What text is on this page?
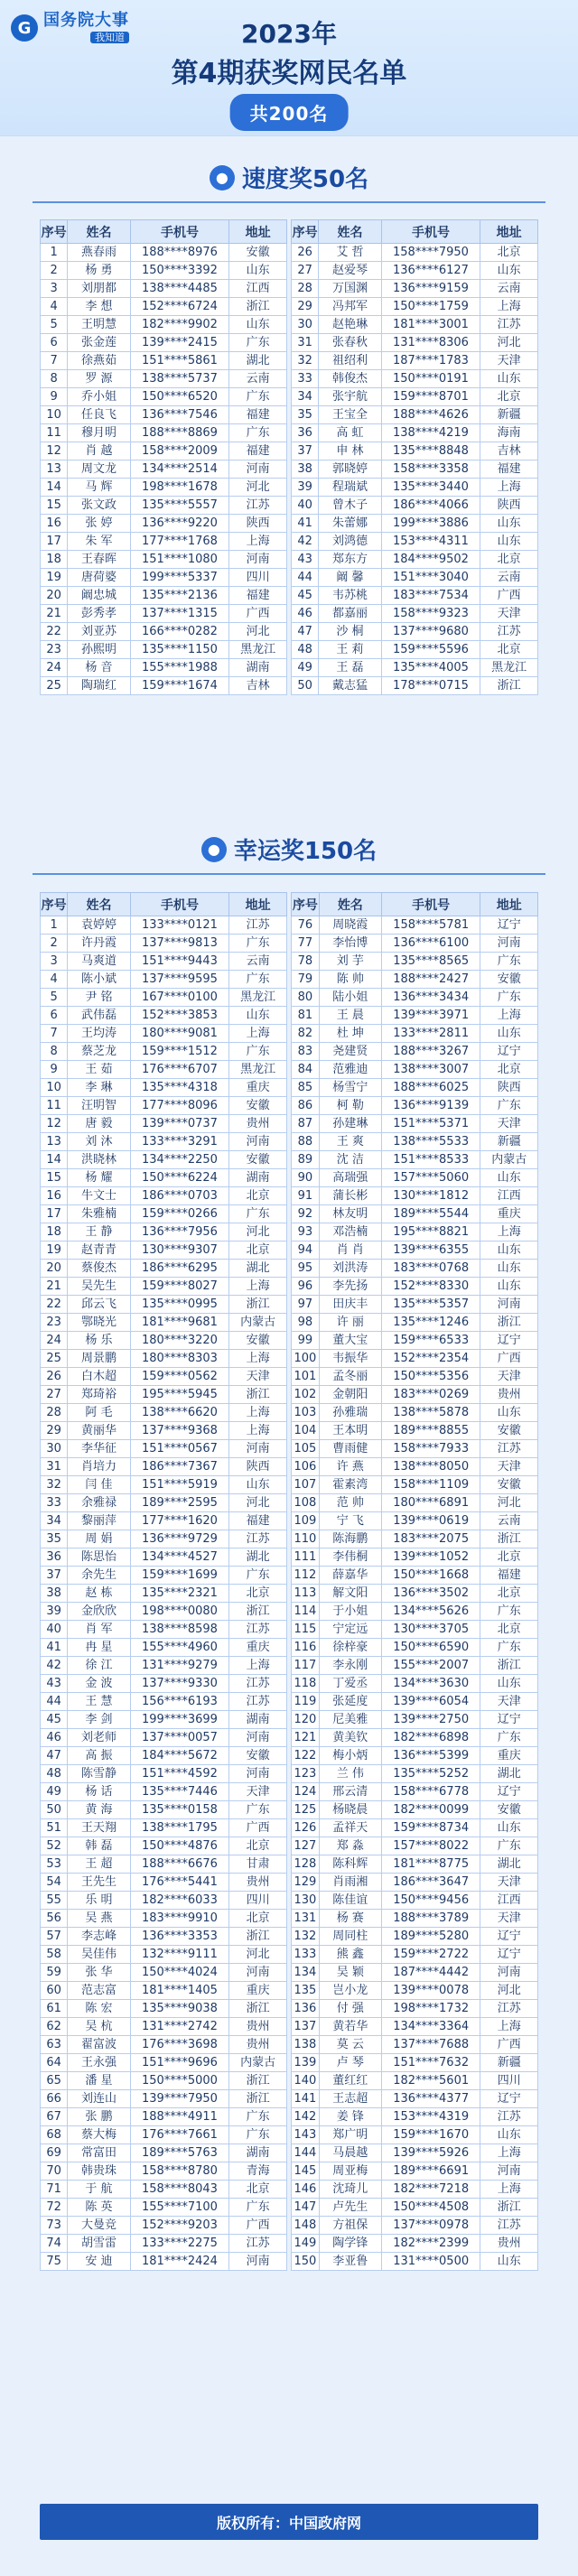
G 国务院大事
我知道	2023年
第4期获奖网民名单
共200名
● 速度奖50名
序号	姓名	手机号	地址
1	燕春雨	188****8976	安徽
2	杨 勇	150****3392	山东
3	刘朋都	138****4485	江西
4	李 想	152****6724	浙江
5	王明慧	182****9902	山东
6	张金莲	139****2415	广东
7	徐燕茹	151****5861	湖北
8	罗 源	138****5737	云南
9	乔小姐	150****6520	广东
10	任良飞	136****7546	福建
11	穆月明	188****8869	广东
12	肖 越	158****2009	福建
13	周文龙	134****2514	河南
14	马 辉	198****1678	河北
15	张文政	135****5557	江苏
16	张 婷	136****9220	陕西
17	朱 军	177****1768	上海
18	王春晖	151****1080	河南
19	唐荷婆	199****5337	四川
20	阚忠城	135****2136	福建
21	彭秀孝	137****1315	广西
22	刘亚苏	166****0282	河北
23	孙熙明	135****1150	黑龙江
24	杨 音	155****1988	湖南
25	陶瑞红	159****1674	吉林
序号	姓名	手机号	地址
26	艾 哲	158****7950	北京
27	赵爱琴	136****6127	山东
28	万国渊	136****9159	云南
29	冯邦军	150****1759	上海
30	赵艳琳	181****3001	江苏
31	张春秋	131****8306	河北
32	祖绍利	187****1783	天津
33	韩俊杰	150****0191	山东
34	张宇航	159****8701	北京
35	王宝全	188****4626	新疆
36	高 虹	138****4219	海南
37	申 林	135****8848	吉林
38	郭晓婷	158****3358	福建
39	程瑞斌	135****3440	上海
40	曾木子	186****4066	陕西
41	朱蕾娜	199****3886	山东
42	刘鸿德	153****4311	山东
43	郑东方	184****9502	北京
44	阚 馨	151****3040	云南
45	韦苏桃	183****7534	广西
46	都嘉丽	158****9323	天津
47	沙 桐	137****9680	江苏
48	王 莉	159****5596	北京
49	王 磊	135****4005	黑龙江
50	戴志猛	178****0715	浙江
● 幸运奖150名
序号	姓名	手机号	地址
1	袁婷婷	133****0121	江苏
2	许丹霞	137****9813	广东
3	马爽道	151****9443	云南
4	陈小斌	137****9595	广东
5	尹 铭	167****0100	黑龙江
6	武伟磊	152****3853	山东
7	王均涛	180****9081	上海
8	蔡芝龙	159****1512	广东
9	王 茹	176****6707	黑龙江
10	李 琳	135****4318	重庆
11	汪明智	177****8096	安徽
12	唐 毅	139****0737	贵州
13	刘 沐	133****3291	河南
14	洪晓林	134****2250	安徽
15	杨 耀	150****6224	湖南
16	牛文士	186****0703	北京
17	朱雅楠	159****0266	广东
18	王 静	136****7956	河北
19	赵青青	130****9307	北京
20	蔡俊杰	186****6295	湖北
21	吴先生	159****8027	上海
22	邱云飞	135****0995	浙江
23	鄂晓光	181****9681	内蒙古
24	杨 乐	180****3220	安徽
25	周景鹏	180****8303	上海
26	白木超	159****0562	天津
27	郑琦裕	195****5945	浙江
28	阿 毛	138****6620	上海
29	黄丽华	137****9368	上海
30	李华征	151****0567	河南
31	肖培力	186****7367	陕西
32	闫 佳	151****5919	山东
33	余雅禄	189****2595	河北
34	黎丽萍	177****1620	福建
35	周 娟	136****9729	江苏
36	陈思怡	134****4527	湖北
37	余先生	159****1699	广东
38	赵 栋	135****2321	北京
39	金欣欣	198****0080	浙江
40	肖 军	138****8598	江苏
41	冉 星	155****4960	重庆
42	徐 江	131****9279	上海
43	金 波	137****9330	江苏
44	王 慧	156****6193	江苏
45	李 剑	199****3699	湖南
46	刘老师	137****0057	河南
47	高 振	184****5672	安徽
48	陈雪静	151****4592	河南
49	杨 话	135****7446	天津
50	黄 海	135****0158	广东
51	王天翔	138****1795	广西
52	韩 磊	150****4876	北京
53	王 超	188****6676	甘肃
54	王先生	176****5441	贵州
55	乐 明	182****6033	四川
56	吴 燕	183****9910	北京
57	李志峰	136****3353	浙江
58	吴佳伟	132****9111	河北
59	张 华	150****4024	河南
60	范志富	181****1405	重庆
61	陈 宏	135****9038	浙江
62	吴 杭	131****2742	贵州
63	翟富波	176****3698	贵州
64	王永强	151****9696	内蒙古
65	潘 星	150****5000	浙江
66	刘连山	139****7950	浙江
67	张 鹏	188****4911	广东
68	蔡大梅	176****7661	广东
69	常富田	189****5763	湖南
70	韩贵珠	158****8780	青海
71	于 航	158****8043	北京
72	陈 英	155****7100	广东
73	大曼竞	152****9203	广西
74	胡雪雷	133****2275	江苏
75	安 迪	181****2424	河南
序号	姓名	手机号	地址
76	周晓霞	158****5781	辽宁
77	李怡博	136****6100	河南
78	刘 芋	135****8565	广东
79	陈 帅	188****2427	安徽
80	陆小姐	136****3434	广东
81	王 晨	139****3971	上海
82	杜 坤	133****2811	山东
83	尧建贤	188****3267	辽宁
84	范雅迪	138****3007	北京
85	杨雪宁	188****6025	陕西
86	柯 勒	136****9139	广东
87	孙建琳	151****5371	天津
88	王 爽	138****5533	新疆
89	沈 洁	151****8533	内蒙古
90	高瑞强	157****5060	山东
91	蒲长彬	130****1812	江西
92	林友明	189****5544	重庆
93	邓浩楠	195****8821	上海
94	肖 肖	139****6355	山东
95	刘洪涛	183****0768	山东
96	李先扬	152****8330	山东
97	田庆丰	135****5357	河南
98	许 丽	135****1246	浙江
99	董大宝	159****6533	辽宁
100	韦振华	152****2354	广西
101	孟冬丽	150****5356	天津
102	金朝阳	183****0269	贵州
103	孙雅瑞	138****5878	山东
104	王本明	189****8855	安徽
105	曹雨健	158****7933	江苏
106	许 燕	138****8050	天津
107	霍素湾	158****1109	安徽
108	范 帅	180****6891	河北
109	宁 飞	139****0619	云南
110	陈海鹏	183****2075	浙江
111	李伟桐	139****1052	北京
112	薛嘉华	150****1668	福建
113	解文阳	136****3502	北京
114	于小姐	134****5626	广东
115	宁定远	130****3705	北京
116	徐梓豪	150****6590	广东
117	李永刚	155****2007	浙江
118	丁爱丞	134****3630	山东
119	张延度	139****6054	天津
120	尼美雅	139****2750	辽宁
121	黄美钦	182****6898	广东
122	梅小炳	136****5399	重庆
123	兰 伟	135****5252	湖北
124	邢云清	158****6778	辽宁
125	杨晓晨	182****0099	安徽
126	孟祥天	159****8734	山东
127	郑 淼	157****8022	广东
128	陈科辉	181****8775	湖北
129	肖雨湘	186****3647	天津
130	陈佳谊	150****9456	江西
131	杨 赛	188****3789	天津
132	周同柱	189****5280	辽宁
133	熊 鑫	159****2722	辽宁
134	吴 颖	187****4442	河南
135	岂小龙	139****0078	河北
136	付 强	198****1732	江苏
137	黄若华	134****3364	上海
138	莫 云	137****7688	广西
139	卢 琴	151****7632	新疆
140	董红红	182****5601	四川
141	王志超	136****4377	辽宁
142	姜 锋	153****4319	江苏
143	郑广明	159****1670	山东
144	马晨越	139****5926	上海
145	周亚梅	189****6691	河南
146	沈琦儿	182****7218	上海
147	卢先生	150****4508	浙江
148	方祖保	137****0978	江苏
149	陶学锋	182****2399	贵州
150	李亚鲁	131****0500	山东
版权所有：中国政府网
